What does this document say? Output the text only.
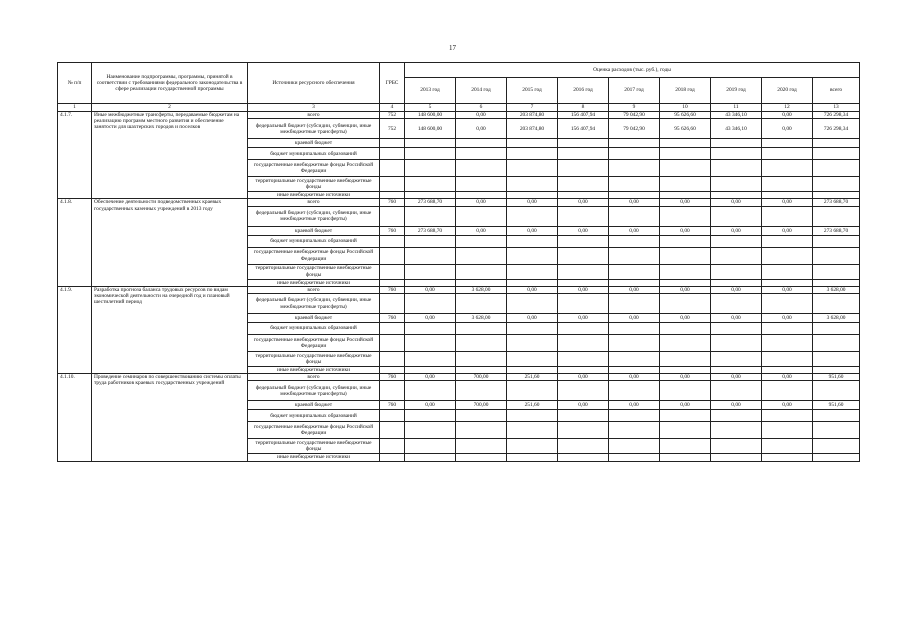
17
№ п/п	Наименование подпрограммы, программы, принятой в соответствии с требованиями федерального законодательства в сфере реализации государственной программы	Источники ресурсного обеспечения	ГРБС	Оценка расходов (тыс. руб.), годы								
				2013 год	2014 год	2015 год	2016 год	2017 год	2018 год	2019 год	2020 год	всего
1	2	3	4	5	6	7	8	9	10	11	12	13
4.1.7.	Иные межбюджетные трансферты, передаваемые бюджетам на реализацию программ местного развития и обеспечение занятости для шахтерских городов и поселков	всего	752	148 600,00	0,00	203 874,80	156 407,94	79 042,90	95 626,60	43 346,10	0,00	726 298,34
		федеральный бюджет (субсидии, субвенции, иные межбюджетные трансферты)	752	148 600,00	0,00	203 874,80	156 407,94	79 042,90	95 626,60	43 346,10	0,00	726 298,34
		краевой бюджет										
		бюджет муниципальных образований										
		государственные внебюджетные фонды Российской Федерации										
		территориальные государственные внебюджетные фонды										
		иные внебюджетные источники										
4.1.8.	Обеспечение деятельности подведомственных краевых государственных казенных учреждений в 2013 году	всего	760	273 688,70	0,00	0,00	0,00	0,00	0,00	0,00	0,00	273 688,70
		федеральный бюджет (субсидии, субвенции, иные межбюджетные трансферты)										
		краевой бюджет	760	273 688,70	0,00	0,00	0,00	0,00	0,00	0,00	0,00	273 688,70
		бюджет муниципальных образований										
		государственные внебюджетные фонды Российской Федерации										
		территориальные государственные внебюджетные фонды										
		иные внебюджетные источники										
4.1.9.	Разработка прогноза баланса трудовых ресурсов по видам экономической деятельности на очередной год и плановый шестилетний период	всего	760	0,00	3 628,00	0,00	0,00	0,00	0,00	0,00	0,00	3 628,00
		федеральный бюджет (субсидии, субвенции, иные межбюджетные трансферты)										
		краевой бюджет	760	0,00	3 628,00	0,00	0,00	0,00	0,00	0,00	0,00	3 628,00
		бюджет муниципальных образований										
		государственные внебюджетные фонды Российской Федерации										
		территориальные государственные внебюджетные фонды										
		иные внебюджетные источники										
4.1.10.	Проведение семинаров по совершенствованию системы оплаты труда работников краевых государственных учреждений	всего	760	0,00	700,00	251,60	0,00	0,00	0,00	0,00	0,00	951,60
		федеральный бюджет (субсидии, субвенции, иные межбюджетные трансферты)										
		краевой бюджет	760	0,00	700,00	251,60	0,00	0,00	0,00	0,00	0,00	951,60
		бюджет муниципальных образований										
		государственные внебюджетные фонды Российской Федерации										
		территориальные государственные внебюджетные фонды										
		иные внебюджетные источники										
